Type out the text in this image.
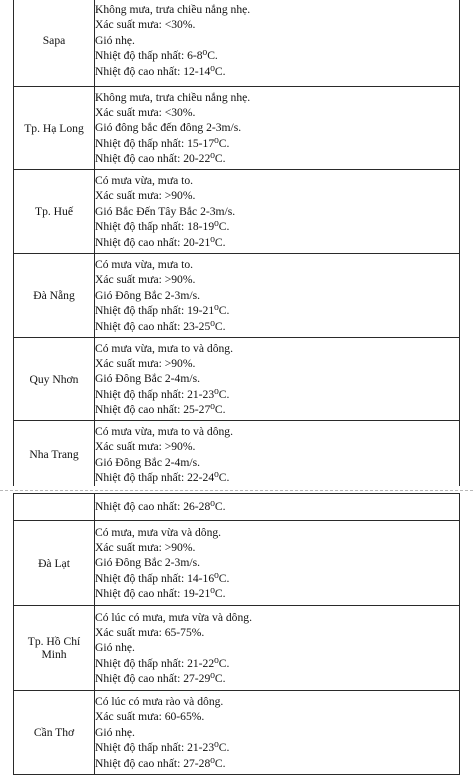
Sapa	Không mưa, trưa chiều nắng nhẹ.
Xác suất mưa: <30%.
Gió nhẹ.
Nhiệt độ thấp nhất: 6-8⁰C.
Nhiệt độ cao nhất: 12-14⁰C.

Tp. Hạ Long	Không mưa, trưa chiều nắng nhẹ.
Xác suất mưa: <30%.
Gió đông bắc đến đông 2-3m/s.
Nhiệt độ thấp nhất: 15-17⁰C.
Nhiệt độ cao nhất: 20-22⁰C.

Tp. Huế	Có mưa vừa, mưa to.
Xác suất mưa: >90%.
Gió Bắc Đến Tây Bắc 2-3m/s.
Nhiệt độ thấp nhất: 18-19⁰C.
Nhiệt độ cao nhất: 20-21⁰C.

Đà Nẵng	Có mưa vừa, mưa to.
Xác suất mưa: >90%.
Gió Đông Bắc 2-3m/s.
Nhiệt độ thấp nhất: 19-21⁰C.
Nhiệt độ cao nhất: 23-25⁰C.

Quy Nhơn	Có mưa vừa, mưa to và dông.
Xác suất mưa: >90%.
Gió Đông Bắc 2-4m/s.
Nhiệt độ thấp nhất: 21-23⁰C.
Nhiệt độ cao nhất: 25-27⁰C.

Nha Trang	Có mưa vừa, mưa to và dông.
Xác suất mưa: >90%.
Gió Đông Bắc 2-4m/s.
Nhiệt độ thấp nhất: 22-24⁰C.

	Nhiệt độ cao nhất: 26-28⁰C.

Đà Lạt	Có mưa, mưa vừa và dông.
Xác suất mưa: >90%.
Gió Đông Bắc 2-3m/s.
Nhiệt độ thấp nhất: 14-16⁰C.
Nhiệt độ cao nhất: 19-21⁰C.

Tp. Hồ Chí Minh	Có lúc có mưa, mưa vừa và dông.
Xác suất mưa: 65-75%.
Gió nhẹ.
Nhiệt độ thấp nhất: 21-22⁰C.
Nhiệt độ cao nhất: 27-29⁰C.

Cần Thơ	Có lúc có mưa rào và dông.
Xác suất mưa: 60-65%.
Gió nhẹ.
Nhiệt độ thấp nhất: 21-23⁰C.
Nhiệt độ cao nhất: 27-28⁰C.
